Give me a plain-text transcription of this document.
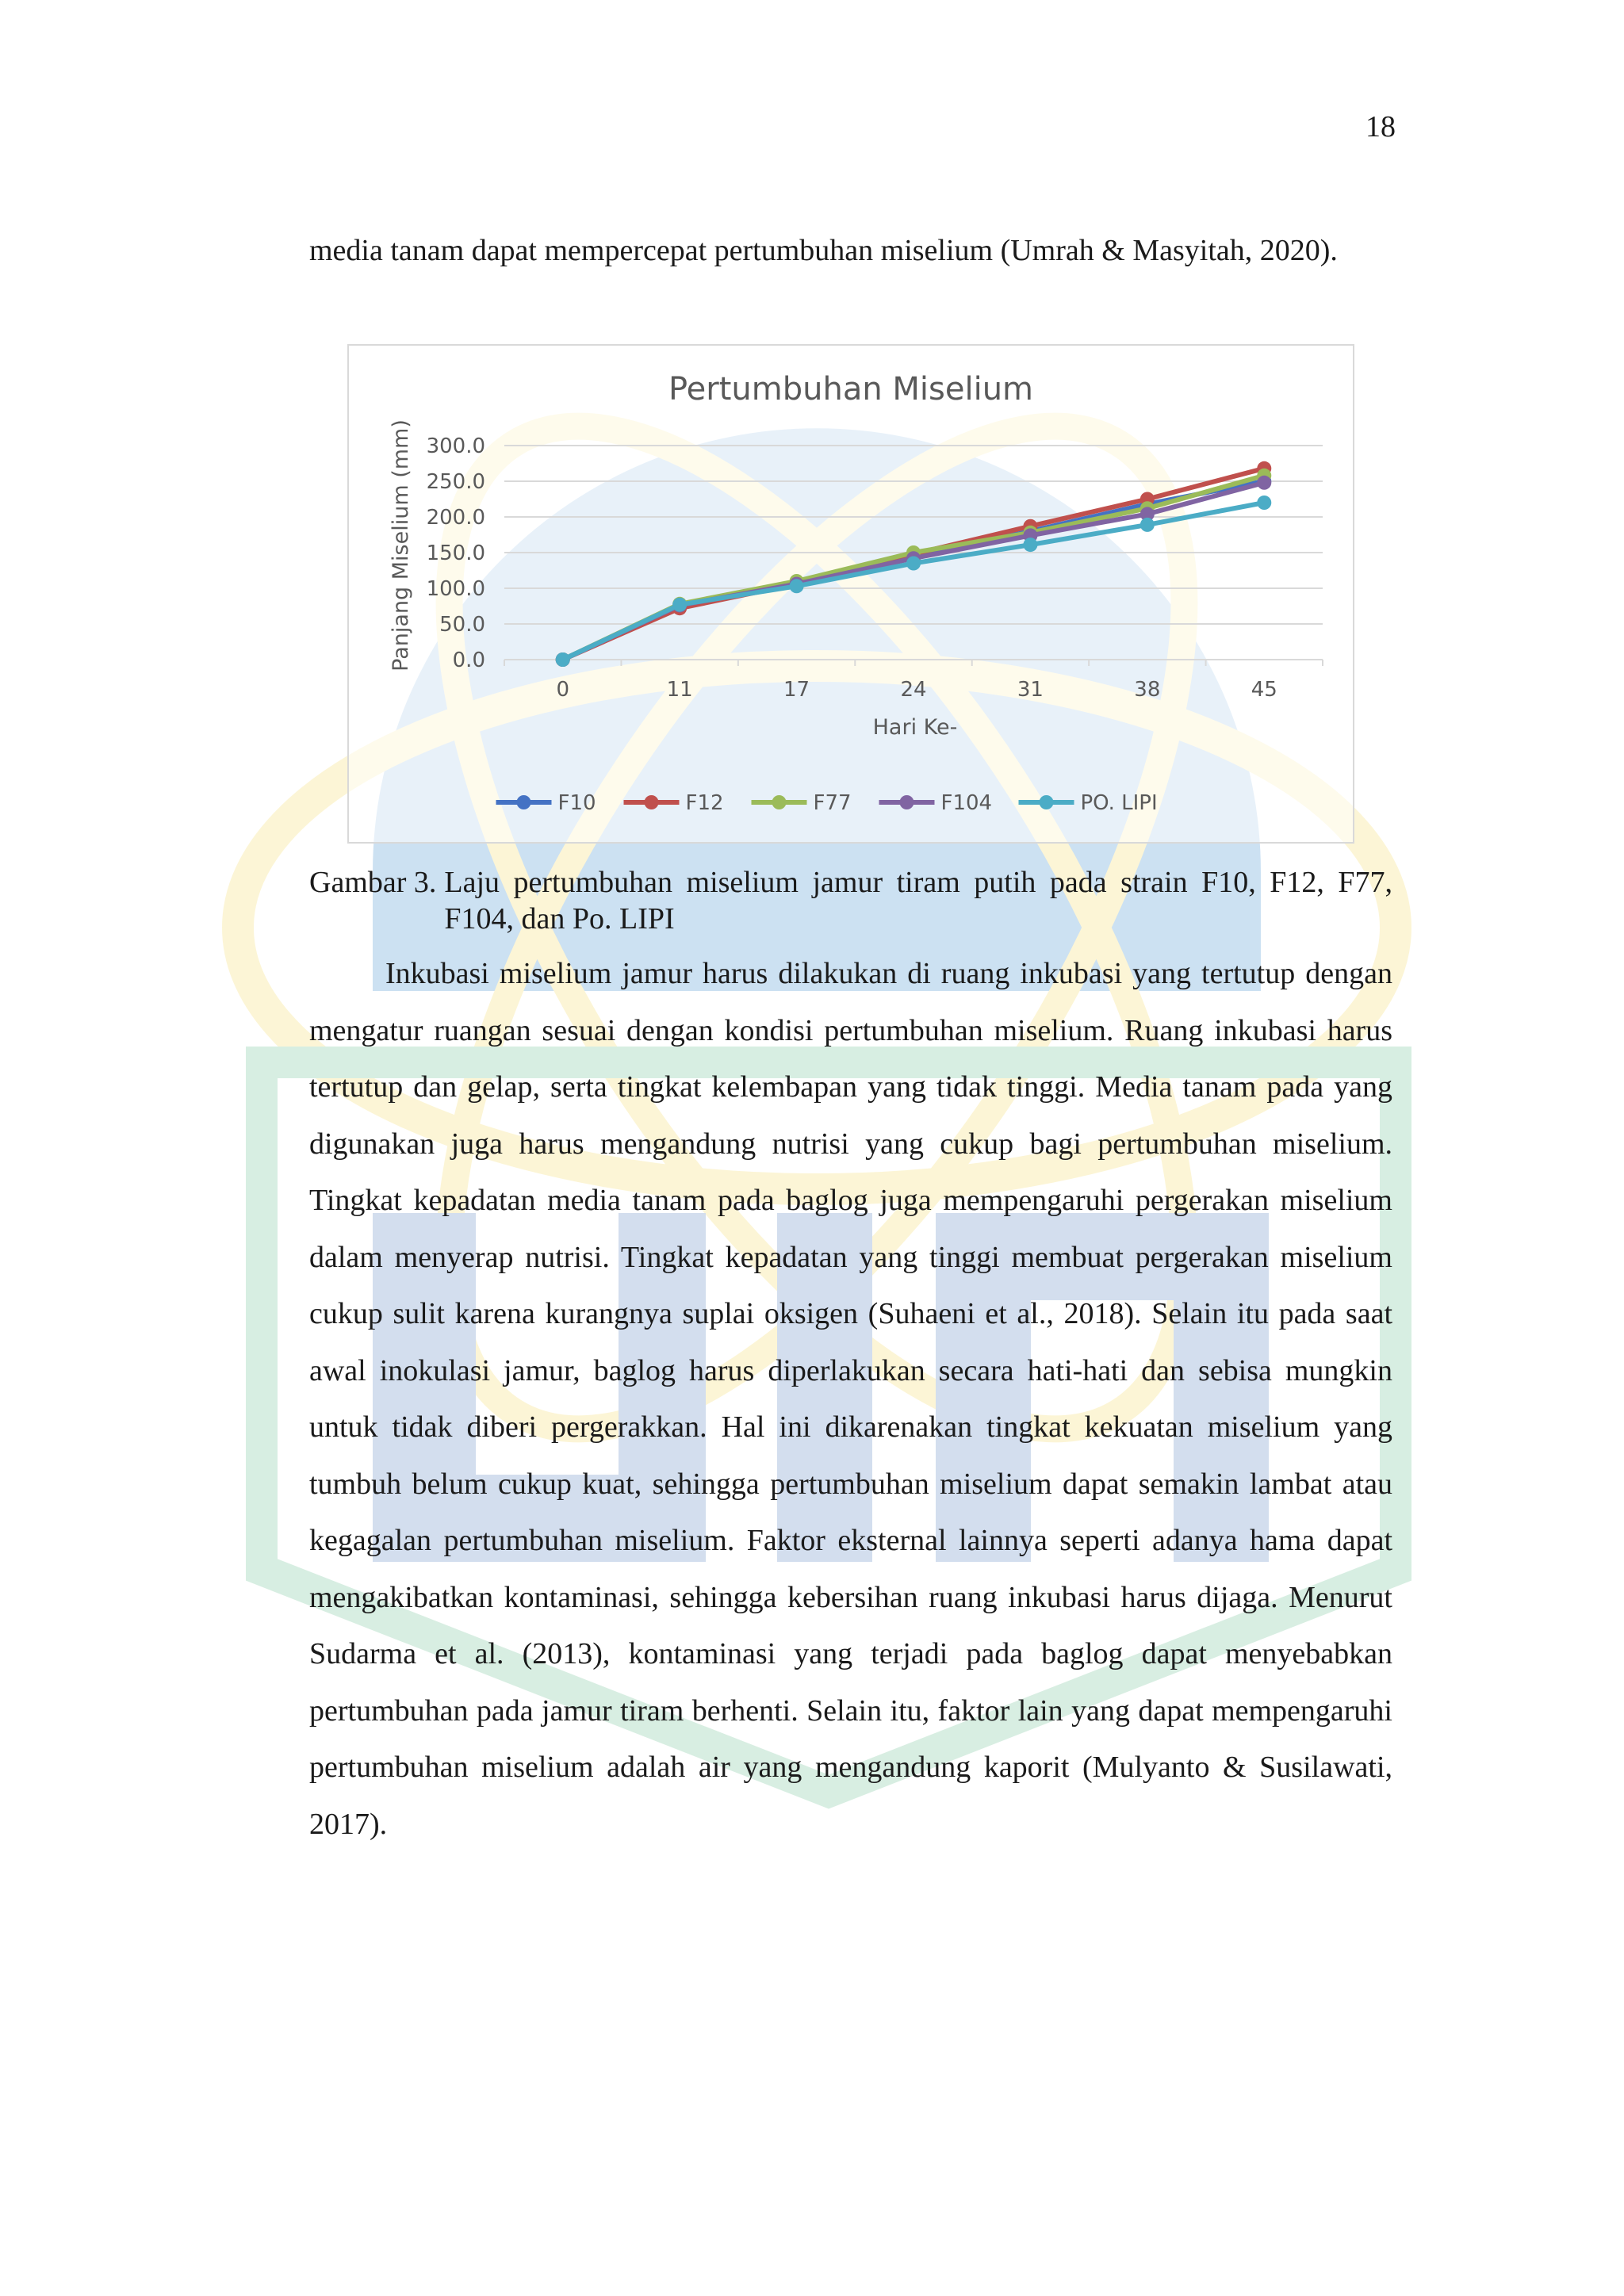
18
media tanam dapat mempercepat pertumbuhan miselium (Umrah & Masyitah, 2020).
Pertumbuhan Miselium
0.0
50.0
100.0
150.0
200.0
250.0
300.0
0	11	17	24	31	38	45
Panjang Miselium (mm)
Hari Ke-
F10	F12	F77	F104	PO. LIPI
Gambar 3. Laju pertumbuhan miselium jamur tiram putih pada strain F10, F12, F77, F104, dan Po. LIPI
Inkubasi miselium jamur harus dilakukan di ruang inkubasi yang tertutup dengan mengatur ruangan sesuai dengan kondisi pertumbuhan miselium. Ruang inkubasi harus tertutup dan gelap, serta tingkat kelembapan yang tidak tinggi. Media tanam pada yang digunakan juga harus mengandung nutrisi yang cukup bagi pertumbuhan miselium. Tingkat kepadatan media tanam pada baglog juga mempengaruhi pergerakan miselium dalam menyerap nutrisi. Tingkat kepadatan yang tinggi membuat pergerakan miselium cukup sulit karena kurangnya suplai oksigen (Suhaeni et al., 2018). Selain itu pada saat awal inokulasi jamur, baglog harus diperlakukan secara hati-hati dan sebisa mungkin untuk tidak diberi pergerakkan. Hal ini dikarenakan tingkat kekuatan miselium yang tumbuh belum cukup kuat, sehingga pertumbuhan miselium dapat semakin lambat atau kegagalan pertumbuhan miselium. Faktor eksternal lainnya seperti adanya hama dapat mengakibatkan kontaminasi, sehingga kebersihan ruang inkubasi harus dijaga. Menurut Sudarma et al. (2013), kontaminasi yang terjadi pada baglog dapat menyebabkan pertumbuhan pada jamur tiram berhenti. Selain itu, faktor lain yang dapat mempengaruhi pertumbuhan miselium adalah air yang mengandung kaporit (Mulyanto & Susilawati, 2017).
